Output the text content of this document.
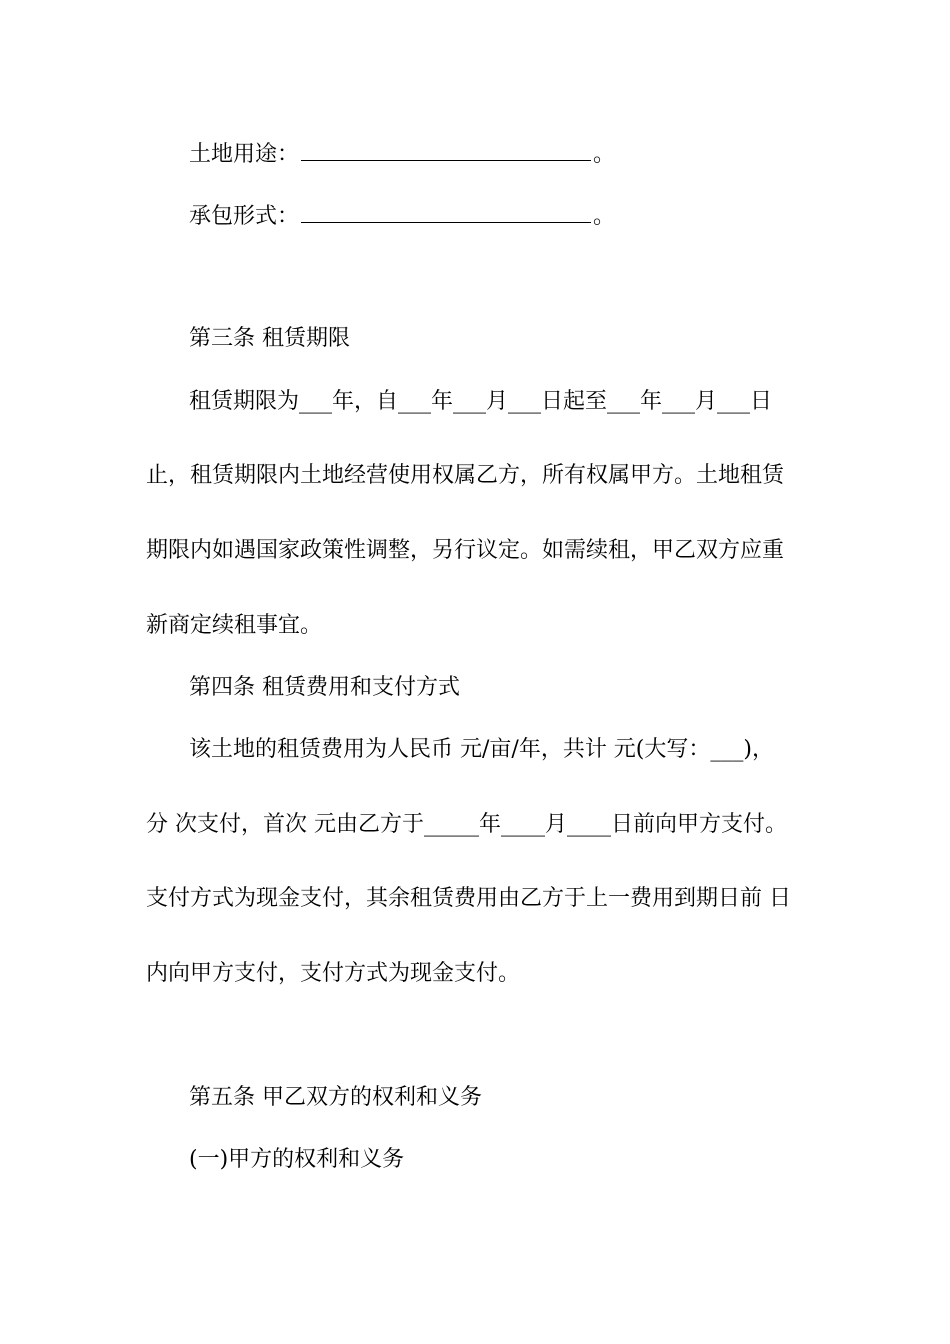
土地用途：	。
承包形式：	。
第三条 租赁期限
租赁期限为___年，自___年___月___日起至___年___月___日
止，租赁期限内土地经营使用权属乙方，所有权属甲方。土地租赁
期限内如遇国家政策性调整，另行议定。如需续租，甲乙双方应重
新商定续租事宜。
第四条 租赁费用和支付方式
该土地的租赁费用为人民币 元/亩/年，共计 元(大写：___)，
分 次支付，首次 元由乙方于_____年____月____日前向甲方支付。
支付方式为现金支付，其余租赁费用由乙方于上一费用到期日前 日
内向甲方支付，支付方式为现金支付。
第五条 甲乙双方的权利和义务
(一)甲方的权利和义务
